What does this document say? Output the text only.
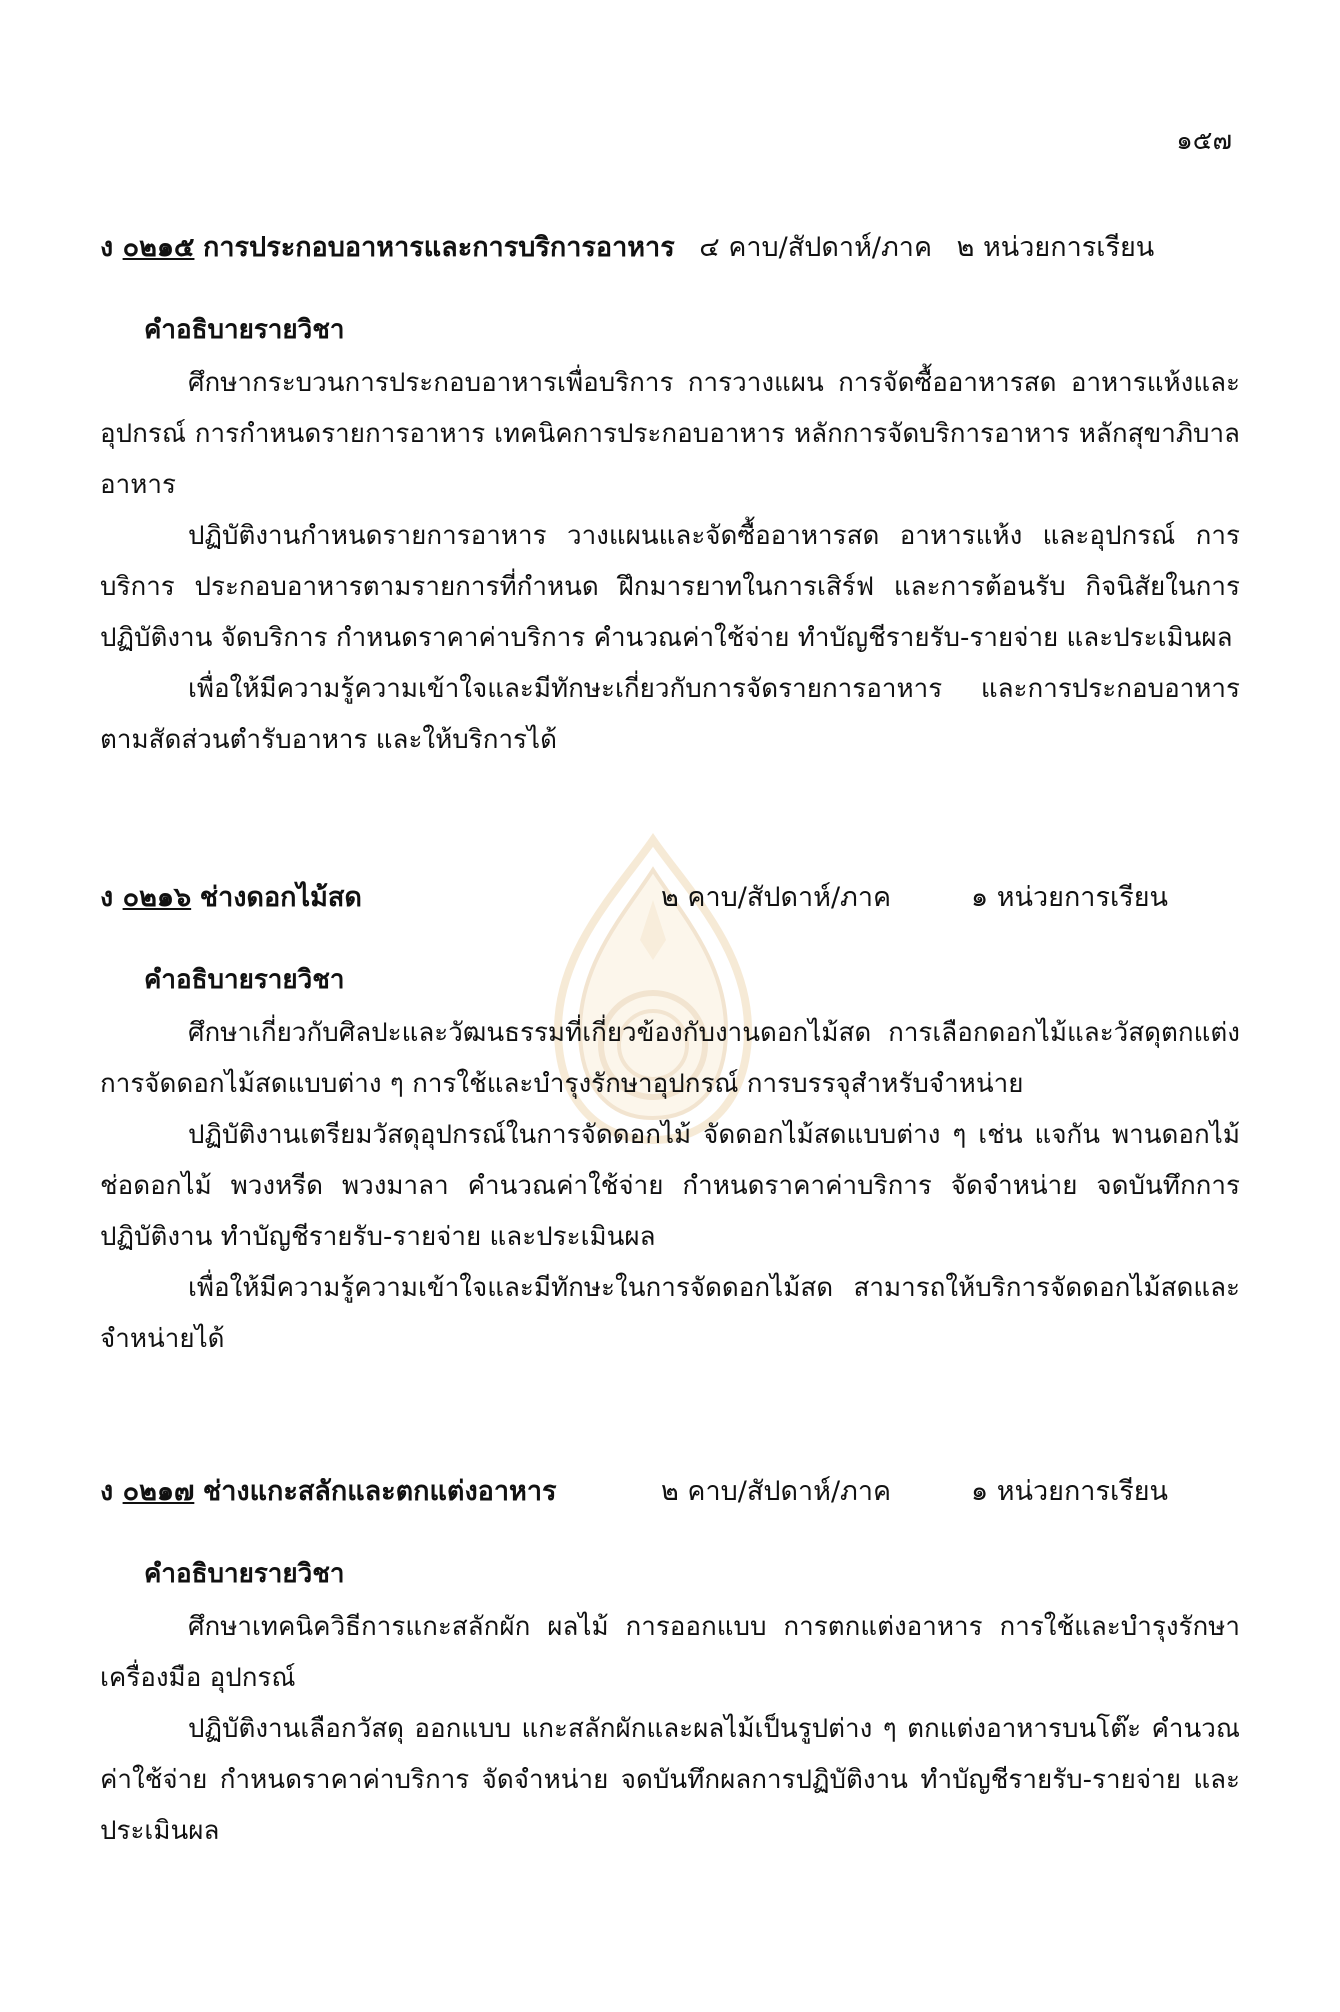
๑๕๗
ง ๐๒๑๕ การประกอบอาหารและการบริการอาหาร ๔ คาบ/สัปดาห์/ภาค ๒ หน่วยการเรียน
คำอธิบายรายวิชา

ศึกษากระบวนการประกอบอาหารเพื่อบริการ การวางแผน การจัดซื้ออาหารสด อาหารแห้งและอุปกรณ์ การกำหนดรายการอาหาร เทคนิคการประกอบอาหาร หลักการจัดบริการอาหาร หลักสุขาภิบาลอาหาร

ปฏิบัติงานกำหนดรายการอาหาร วางแผนและจัดซื้ออาหารสด อาหารแห้ง และอุปกรณ์ การบริการ ประกอบอาหารตามรายการที่กำหนด ฝึกมารยาทในการเสิร์ฟ และการต้อนรับ กิจนิสัยในการปฏิบัติงาน จัดบริการ กำหนดราคาค่าบริการ คำนวณค่าใช้จ่าย ทำบัญชีรายรับ-รายจ่าย และประเมินผล

เพื่อให้มีความรู้ความเข้าใจและมีทักษะเกี่ยวกับการจัดรายการอาหาร และการประกอบอาหารตามสัดส่วนตำรับอาหาร และให้บริการได้

ง ๐๒๑๖ ช่างดอกไม้สด	๒ คาบ/สัปดาห์/ภาค	๑ หน่วยการเรียน
คำอธิบายรายวิชา

ศึกษาเกี่ยวกับศิลปะและวัฒนธรรมที่เกี่ยวข้องกับงานดอกไม้สด การเลือกดอกไม้และวัสดุตกแต่ง การจัดดอกไม้สดแบบต่าง ๆ การใช้และบำรุงรักษาอุปกรณ์ การบรรจุสำหรับจำหน่าย

ปฏิบัติงานเตรียมวัสดุอุปกรณ์ในการจัดดอกไม้ จัดดอกไม้สดแบบต่าง ๆ เช่น แจกัน พานดอกไม้ ช่อดอกไม้ พวงหรีด พวงมาลา คำนวณค่าใช้จ่าย กำหนดราคาค่าบริการ จัดจำหน่าย จดบันทึกการปฏิบัติงาน ทำบัญชีรายรับ-รายจ่าย และประเมินผล

เพื่อให้มีความรู้ความเข้าใจและมีทักษะในการจัดดอกไม้สด สามารถให้บริการจัดดอกไม้สดและจำหน่ายได้

ง ๐๒๑๗ ช่างแกะสลักและตกแต่งอาหาร	๒ คาบ/สัปดาห์/ภาค	๑ หน่วยการเรียน
คำอธิบายรายวิชา

ศึกษาเทคนิควิธีการแกะสลักผัก ผลไม้ การออกแบบ การตกแต่งอาหาร การใช้และบำรุงรักษาเครื่องมือ อุปกรณ์

ปฏิบัติงานเลือกวัสดุ ออกแบบ แกะสลักผักและผลไม้เป็นรูปต่าง ๆ ตกแต่งอาหารบนโต๊ะ คำนวณค่าใช้จ่าย กำหนดราคาค่าบริการ จัดจำหน่าย จดบันทึกผลการปฏิบัติงาน ทำบัญชีรายรับ-รายจ่าย และประเมินผล
